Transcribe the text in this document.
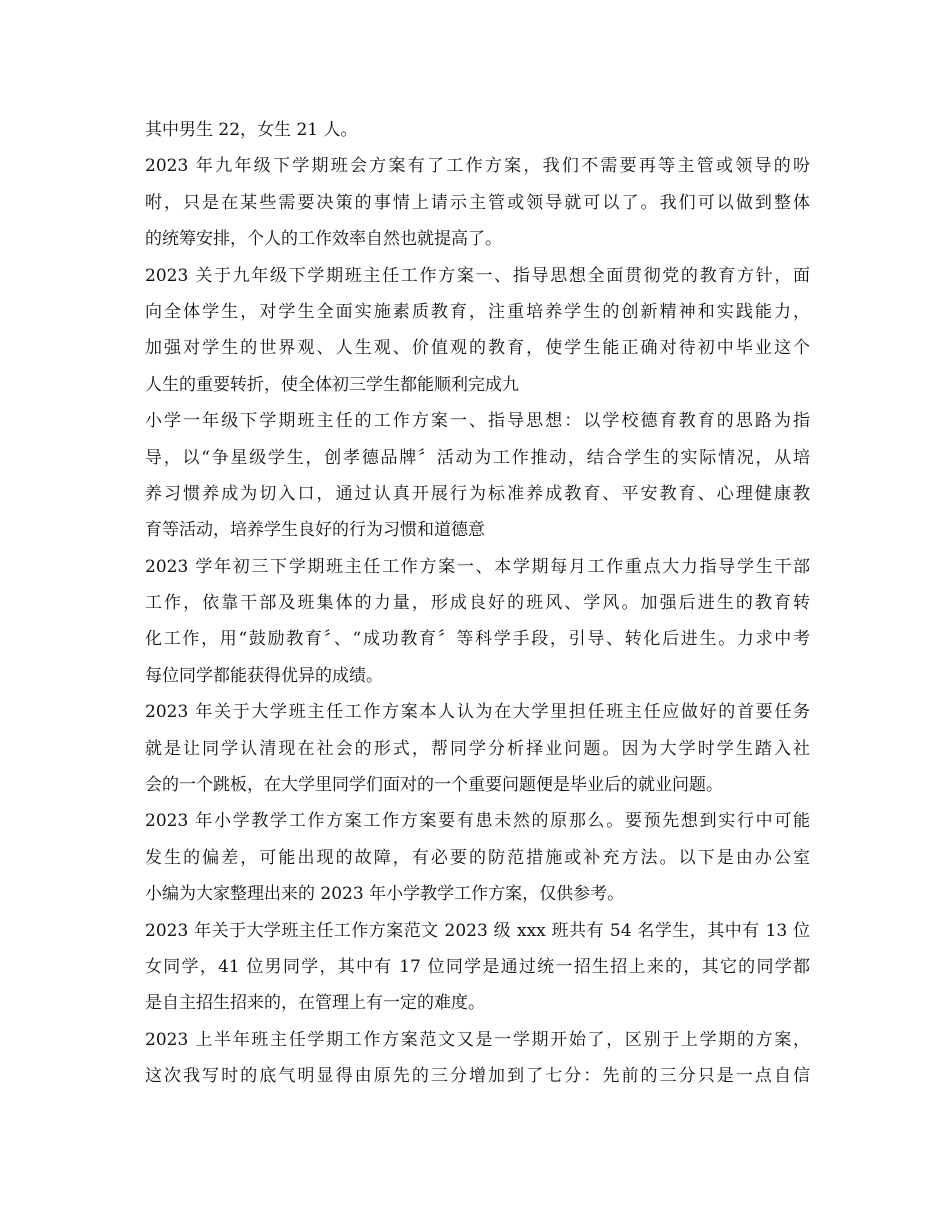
其中男生 22，女生 21 人。
2023 年九年级下学期班会方案有了工作方案，我们不需要再等主管或领导的吩
咐，只是在某些需要决策的事情上请示主管或领导就可以了。我们可以做到整体
的统筹安排，个人的工作效率自然也就提高了。
2023 关于九年级下学期班主任工作方案一、指导思想全面贯彻党的教育方针，面
向全体学生，对学生全面实施素质教育，注重培养学生的创新精神和实践能力，
加强对学生的世界观、人生观、价值观的教育，使学生能正确对待初中毕业这个
人生的重要转折，使全体初三学生都能顺利完成九
小学一年级下学期班主任的工作方案一、指导思想：以学校德育教育的思路为指
导，以“争星级学生，创孝德品牌〞活动为工作推动，结合学生的实际情况，从培
养习惯养成为切入口，通过认真开展行为标准养成教育、平安教育、心理健康教
育等活动，培养学生良好的行为习惯和道德意
2023 学年初三下学期班主任工作方案一、本学期每月工作重点大力指导学生干部
工作，依靠干部及班集体的力量，形成良好的班风、学风。加强后进生的教育转
化工作，用“鼓励教育〞、“成功教育〞等科学手段，引导、转化后进生。力求中考
每位同学都能获得优异的成绩。
2023 年关于大学班主任工作方案本人认为在大学里担任班主任应做好的首要任务
就是让同学认清现在社会的形式，帮同学分析择业问题。因为大学时学生踏入社
会的一个跳板，在大学里同学们面对的一个重要问题便是毕业后的就业问题。
2023 年小学教学工作方案工作方案要有患未然的原那么。要预先想到实行中可能
发生的偏差，可能出现的故障，有必要的防范措施或补充方法。以下是由办公室
小编为大家整理出来的 2023 年小学教学工作方案，仅供参考。
2023 年关于大学班主任工作方案范文 2023 级 xxx 班共有 54 名学生，其中有 13 位
女同学，41 位男同学，其中有 17 位同学是通过统一招生招上来的，其它的同学都
是自主招生招来的，在管理上有一定的难度。
2023 上半年班主任学期工作方案范文又是一学期开始了，区别于上学期的方案，
这次我写时的底气明显得由原先的三分增加到了七分：先前的三分只是一点自信
